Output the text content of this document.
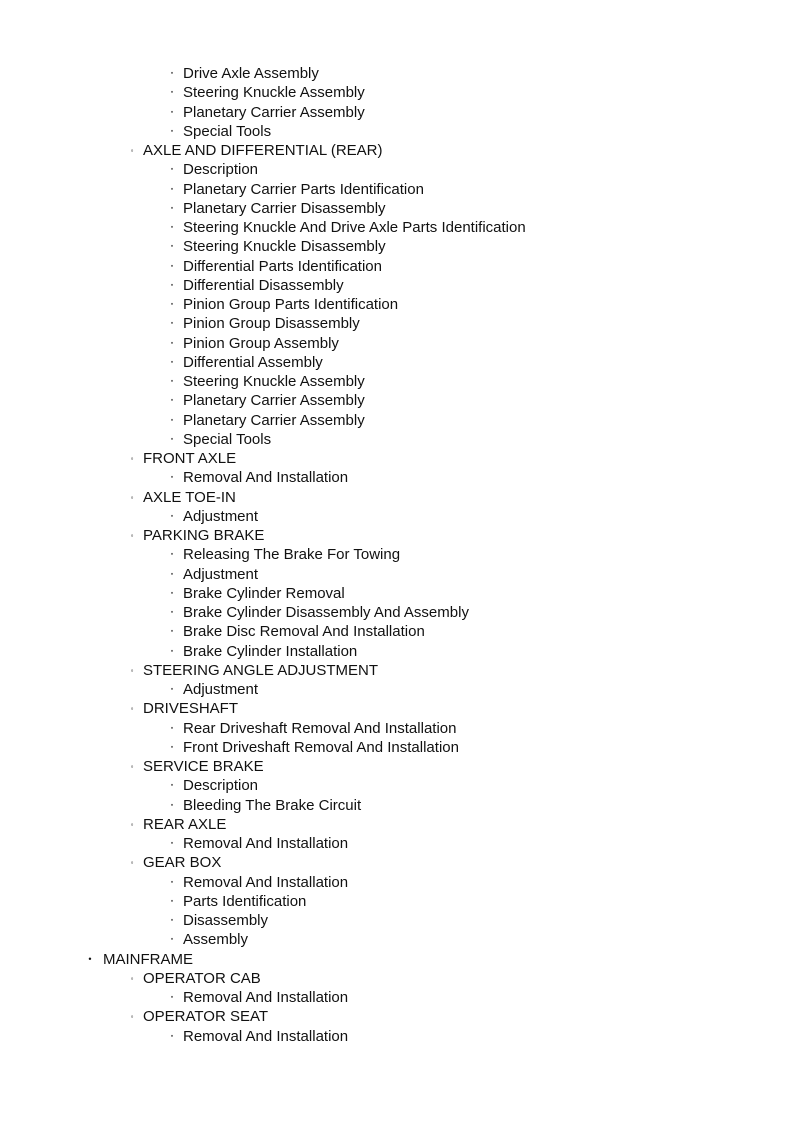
▪ Drive Axle Assembly
▪ Steering Knuckle Assembly
▪ Planetary Carrier Assembly
▪ Special Tools
◦ AXLE AND DIFFERENTIAL (REAR)
▪ Description
▪ Planetary Carrier Parts Identification
▪ Planetary Carrier Disassembly
▪ Steering Knuckle And Drive Axle Parts Identification
▪ Steering Knuckle Disassembly
▪ Differential Parts Identification
▪ Differential Disassembly
▪ Pinion Group Parts Identification
▪ Pinion Group Disassembly
▪ Pinion Group Assembly
▪ Differential Assembly
▪ Steering Knuckle Assembly
▪ Planetary Carrier Assembly
▪ Planetary Carrier Assembly
▪ Special Tools
◦ FRONT AXLE
▪ Removal And Installation
◦ AXLE TOE-IN
▪ Adjustment
◦ PARKING BRAKE
▪ Releasing The Brake For Towing
▪ Adjustment
▪ Brake Cylinder Removal
▪ Brake Cylinder Disassembly And Assembly
▪ Brake Disc Removal And Installation
▪ Brake Cylinder Installation
◦ STEERING ANGLE ADJUSTMENT
▪ Adjustment
◦ DRIVESHAFT
▪ Rear Driveshaft Removal And Installation
▪ Front Driveshaft Removal And Installation
◦ SERVICE BRAKE
▪ Description
▪ Bleeding The Brake Circuit
◦ REAR AXLE
▪ Removal And Installation
◦ GEAR BOX
▪ Removal And Installation
▪ Parts Identification
▪ Disassembly
▪ Assembly
• MAINFRAME
◦ OPERATOR CAB
▪ Removal And Installation
◦ OPERATOR SEAT
▪ Removal And Installation
